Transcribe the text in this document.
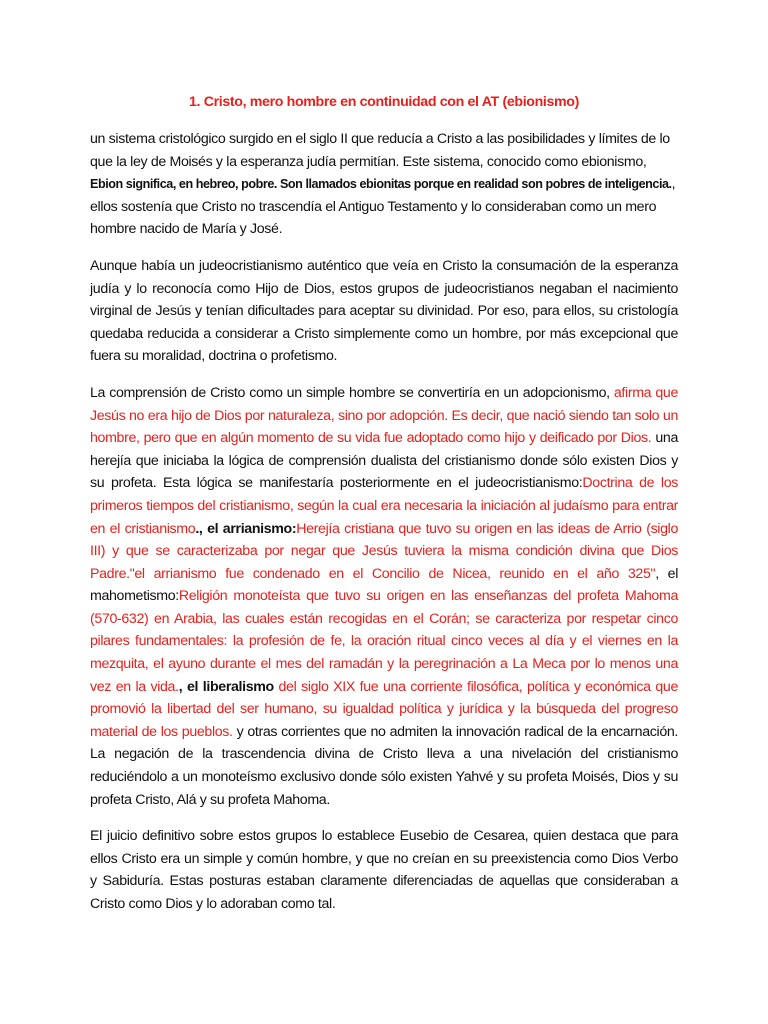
1. Cristo, mero hombre en continuidad con el AT (ebionismo)

un sistema cristológico surgido en el siglo II que reducía a Cristo a las posibilidades y límites de lo que la ley de Moisés y la esperanza judía permitían. Este sistema, conocido como ebionismo, Ebion significa, en hebreo, pobre. Son llamados ebionitas porque en realidad son pobres de inteligencia., ellos sostenía que Cristo no trascendía el Antiguo Testamento y lo consideraban como un mero hombre nacido de María y José.

Aunque había un judeocristianismo auténtico que veía en Cristo la consumación de la esperanza judía y lo reconocía como Hijo de Dios, estos grupos de judeocristianos negaban el nacimiento virginal de Jesús y tenían dificultades para aceptar su divinidad. Por eso, para ellos, su cristología quedaba reducida a considerar a Cristo simplemente como un hombre, por más excepcional que fuera su moralidad, doctrina o profetismo.

La comprensión de Cristo como un simple hombre se convertiría en un adopcionismo, afirma que Jesús no era hijo de Dios por naturaleza, sino por adopción. Es decir, que nació siendo tan solo un hombre, pero que en algún momento de su vida fue adoptado como hijo y deificado por Dios. una herejía que iniciaba la lógica de comprensión dualista del cristianismo donde sólo existen Dios y su profeta. Esta lógica se manifestaría posteriormente en el judeocristianismo:Doctrina de los primeros tiempos del cristianismo, según la cual era necesaria la iniciación al judaísmo para entrar en el cristianismo., el arrianismo:Herejía cristiana que tuvo su origen en las ideas de Arrio (siglo III) y que se caracterizaba por negar que Jesús tuviera la misma condición divina que Dios Padre."el arrianismo fue condenado en el Concilio de Nicea, reunido en el año 325", el mahometismo:Religión monoteísta que tuvo su origen en las enseñanzas del profeta Mahoma (570-632) en Arabia, las cuales están recogidas en el Corán; se caracteriza por respetar cinco pilares fundamentales: la profesión de fe, la oración ritual cinco veces al día y el viernes en la mezquita, el ayuno durante el mes del ramadán y la peregrinación a La Meca por lo menos una vez en la vida., el liberalismo del siglo XIX fue una corriente filosófica, política y económica que promovió la libertad del ser humano, su igualdad política y jurídica y la búsqueda del progreso material de los pueblos. y otras corrientes que no admiten la innovación radical de la encarnación. La negación de la trascendencia divina de Cristo lleva a una nivelación del cristianismo reduciéndolo a un monoteísmo exclusivo donde sólo existen Yahvé y su profeta Moisés, Dios y su profeta Cristo, Alá y su profeta Mahoma.

El juicio definitivo sobre estos grupos lo establece Eusebio de Cesarea, quien destaca que para ellos Cristo era un simple y común hombre, y que no creían en su preexistencia como Dios Verbo y Sabiduría. Estas posturas estaban claramente diferenciadas de aquellas que consideraban a Cristo como Dios y lo adoraban como tal.
